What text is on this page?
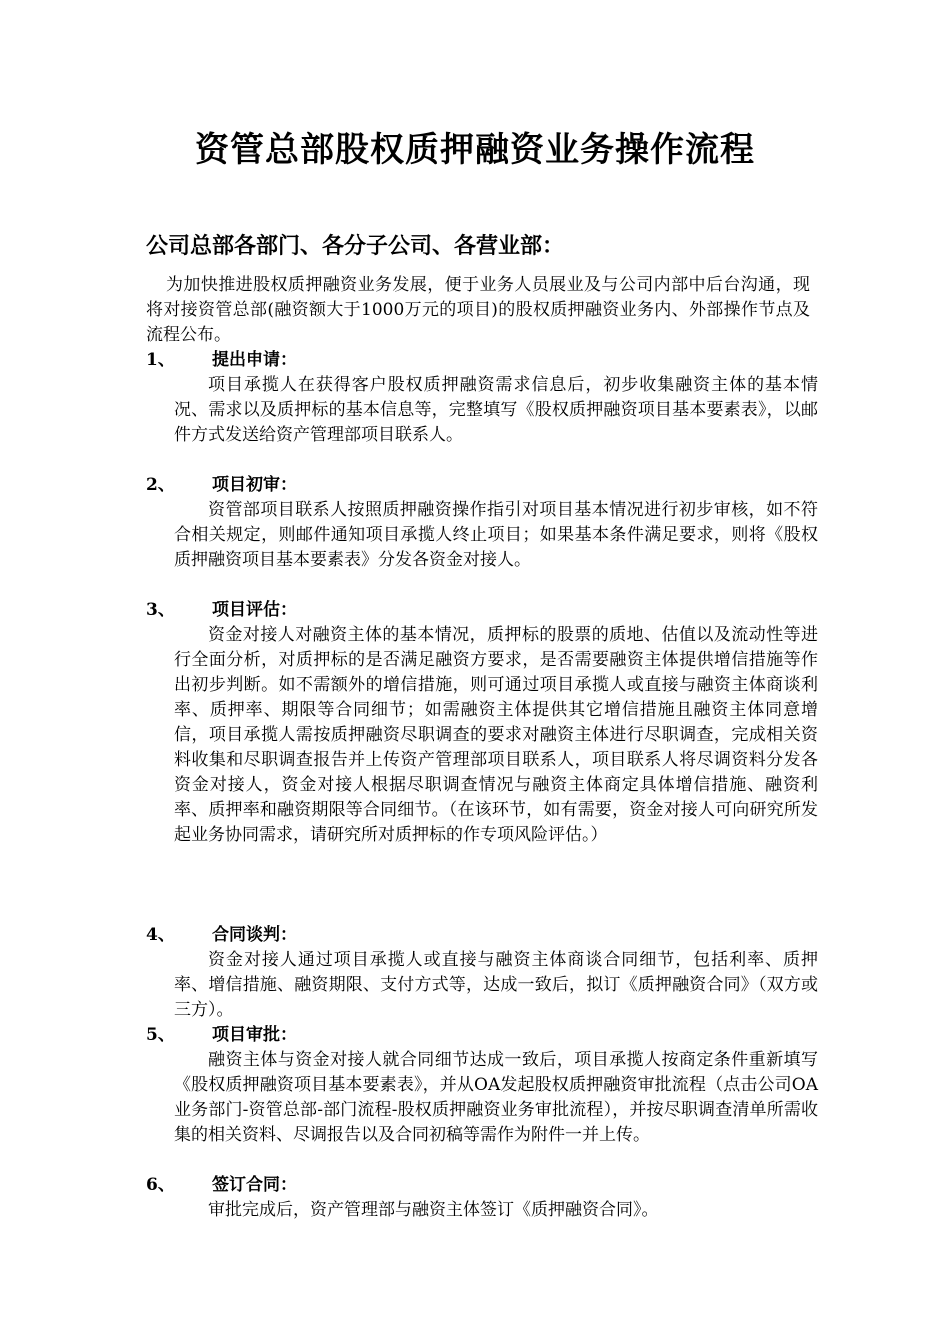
资管总部股权质押融资业务操作流程
公司总部各部门、各分子公司、各营业部：

为加快推进股权质押融资业务发展，便于业务人员展业及与公司内部中后台沟通，现将对接资管总部(融资额大于1000万元的项目)的股权质押融资业务内、外部操作节点及流程公布。

1、 提出申请：

项目承揽人在获得客户股权质押融资需求信息后，初步收集融资主体的基本情况、需求以及质押标的基本信息等，完整填写《股权质押融资项目基本要素表》，以邮件方式发送给资产管理部项目联系人。

2、 项目初审：

资管部项目联系人按照质押融资操作指引对项目基本情况进行初步审核，如不符合相关规定，则邮件通知项目承揽人终止项目；如果基本条件满足要求，则将《股权质押融资项目基本要素表》分发各资金对接人。

3、 项目评估：

资金对接人对融资主体的基本情况，质押标的股票的质地、估值以及流动性等进行全面分析，对质押标的是否满足融资方要求，是否需要融资主体提供增信措施等作出初步判断。如不需额外的增信措施，则可通过项目承揽人或直接与融资主体商谈利率、质押率、期限等合同细节；如需融资主体提供其它增信措施且融资主体同意增信，项目承揽人需按质押融资尽职调查的要求对融资主体进行尽职调查，完成相关资料收集和尽职调查报告并上传资产管理部项目联系人，项目联系人将尽调资料分发各资金对接人，资金对接人根据尽职调查情况与融资主体商定具体增信措施、融资利率、质押率和融资期限等合同细节。（在该环节，如有需要，资金对接人可向研究所发起业务协同需求，请研究所对质押标的作专项风险评估。）

4、 合同谈判：

资金对接人通过项目承揽人或直接与融资主体商谈合同细节，包括利率、质押率、增信措施、融资期限、支付方式等，达成一致后，拟订《质押融资合同》（双方或三方）。

5、 项目审批：

融资主体与资金对接人就合同细节达成一致后，项目承揽人按商定条件重新填写《股权质押融资项目基本要素表》，并从OA发起股权质押融资审批流程（点击公司OA业务部门-资管总部-部门流程-股权质押融资业务审批流程），并按尽职调查清单所需收集的相关资料、尽调报告以及合同初稿等需作为附件一并上传。

6、 签订合同：

审批完成后，资产管理部与融资主体签订《质押融资合同》。
